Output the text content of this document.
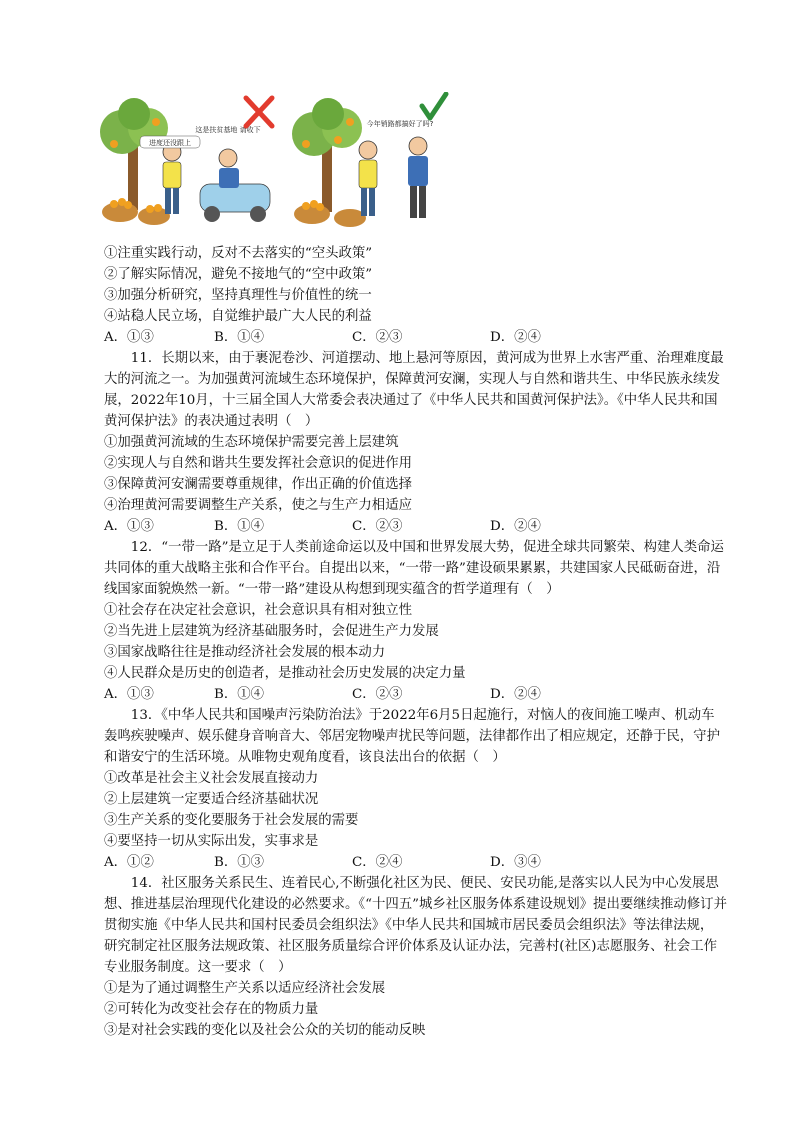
进度还没跟上
这是扶贫基地 请收下
今年销路都搞好了吗?
①注重实践行动，反对不去落实的“空头政策”
②了解实际情况，避免不接地气的“空中政策”
③加强分析研究，坚持真理性与价值性的统一
④站稳人民立场，自觉维护最广大人民的利益
A．①③	B．①④	C．②③	D．②④
11．长期以来，由于裹泥卷沙、河道摆动、地上悬河等原因，黄河成为世界上水害严重、治理难度最
大的河流之一。为加强黄河流域生态环境保护，保障黄河安澜，实现人与自然和谐共生、中华民族永续发
展，2022年10月，十三届全国人大常委会表决通过了《中华人民共和国黄河保护法》。《中华人民共和国
黄河保护法》的表决通过表明（　）
①加强黄河流域的生态环境保护需要完善上层建筑
②实现人与自然和谐共生要发挥社会意识的促进作用
③保障黄河安澜需要尊重规律，作出正确的价值选择
④治理黄河需要调整生产关系，使之与生产力相适应
A．①③	B．①④	C．②③	D．②④
12．“一带一路”是立足于人类前途命运以及中国和世界发展大势，促进全球共同繁荣、构建人类命运
共同体的重大战略主张和合作平台。自提出以来，“一带一路”建设硕果累累，共建国家人民砥砺奋进，沿
线国家面貌焕然一新。“一带一路”建设从构想到现实蕴含的哲学道理有（　）
①社会存在决定社会意识，社会意识具有相对独立性
②当先进上层建筑为经济基础服务时，会促进生产力发展
③国家战略往往是推动经济社会发展的根本动力
④人民群众是历史的创造者，是推动社会历史发展的决定力量
A．①③	B．①④	C．②③	D．②④
13．《中华人民共和国噪声污染防治法》于2022年6月5日起施行，对恼人的夜间施工噪声、机动车
轰鸣疾驶噪声、娱乐健身音响音大、邻居宠物噪声扰民等问题，法律都作出了相应规定，还静于民，守护
和谐安宁的生活环境。从唯物史观角度看，该良法出台的依据（　）
①改革是社会主义社会发展直接动力
②上层建筑一定要适合经济基础状况
③生产关系的变化要服务于社会发展的需要
④要坚持一切从实际出发，实事求是
A．①②	B．①③	C．②④	D．③④
14．社区服务关系民生、连着民心,不断强化社区为民、便民、安民功能,是落实以人民为中心发展思
想、推进基层治理现代化建设的必然要求。《“十四五”城乡社区服务体系建设规划》提出要继续推动修订并
贯彻实施《中华人民共和国村民委员会组织法》《中华人民共和国城市居民委员会组织法》等法律法规，
研究制定社区服务法规政策、社区服务质量综合评价体系及认证办法，完善村(社区)志愿服务、社会工作
专业服务制度。这一要求（　）
①是为了通过调整生产关系以适应经济社会发展
②可转化为改变社会存在的物质力量
③是对社会实践的变化以及社会公众的关切的能动反映
